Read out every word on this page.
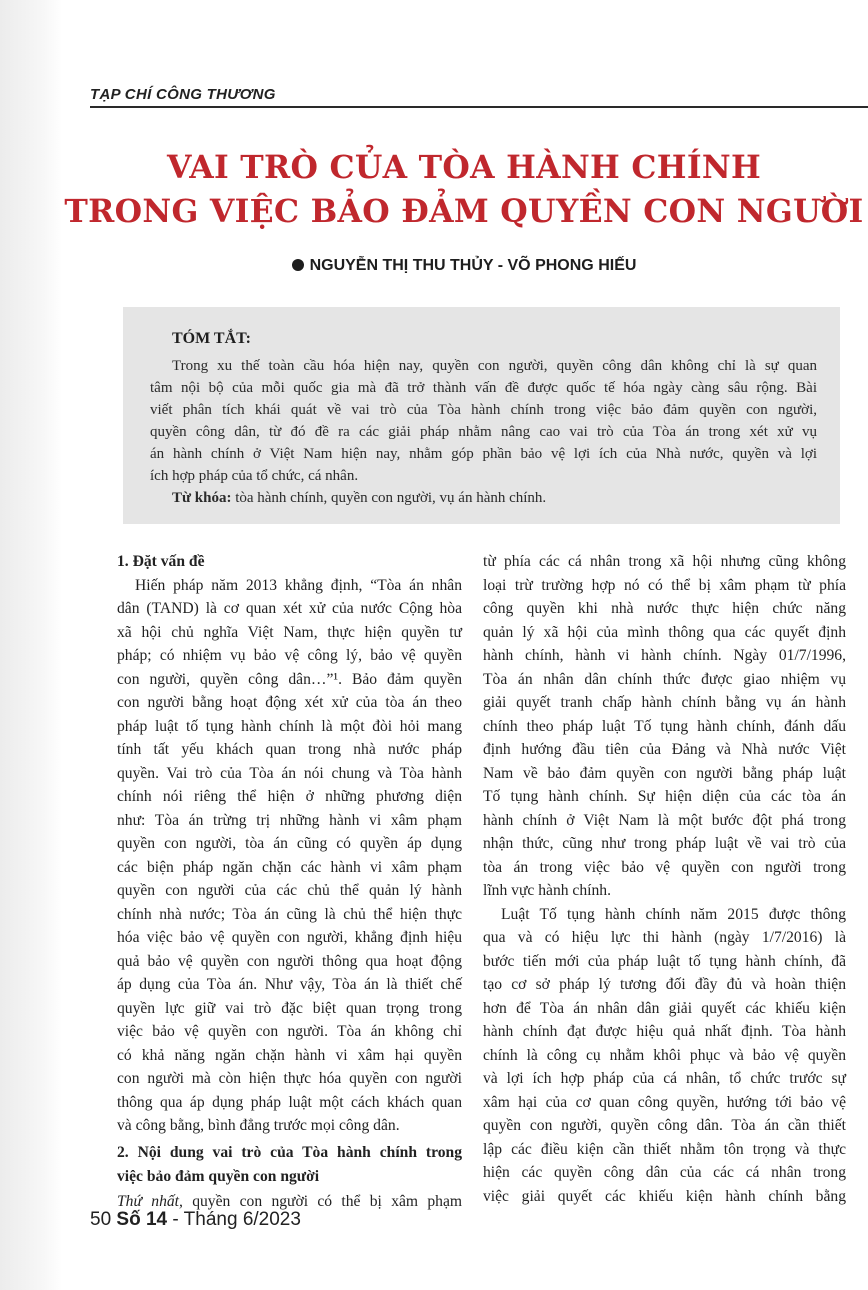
TẠP CHÍ CÔNG THƯƠNG
VAI TRÒ CỦA TÒA HÀNH CHÍNH
TRONG VIỆC BẢO ĐẢM QUYỀN CON NGƯỜI
NGUYỄN THỊ THU THỦY - VÕ PHONG HIẾU
TÓM TẮT:
Trong xu thế toàn cầu hóa hiện nay, quyền con người, quyền công dân không chỉ là sự quan
tâm nội bộ của mỗi quốc gia mà đã trở thành vấn đề được quốc tế hóa ngày càng sâu rộng. Bài
viết phân tích khái quát về vai trò của Tòa hành chính trong việc bảo đảm quyền con người,
quyền công dân, từ đó đề ra các giải pháp nhằm nâng cao vai trò của Tòa án trong xét xử vụ
án hành chính ở Việt Nam hiện nay, nhằm góp phần bảo vệ lợi ích của Nhà nước, quyền và lợi
ích hợp pháp của tổ chức, cá nhân.
Từ khóa: tòa hành chính, quyền con người, vụ án hành chính.
1. Đặt vấn đề
Hiến pháp năm 2013 khẳng định, “Tòa án nhân
dân (TAND) là cơ quan xét xử của nước Cộng hòa
xã hội chủ nghĩa Việt Nam, thực hiện quyền tư
pháp; có nhiệm vụ bảo vệ công lý, bảo vệ quyền
con người, quyền công dân…”¹. Bảo đảm quyền
con người bằng hoạt động xét xử của tòa án theo
pháp luật tố tụng hành chính là một đòi hỏi mang
tính tất yếu khách quan trong nhà nước pháp
quyền. Vai trò của Tòa án nói chung và Tòa hành
chính nói riêng thể hiện ở những phương diện
như: Tòa án trừng trị những hành vi xâm phạm
quyền con người, tòa án cũng có quyền áp dụng
các biện pháp ngăn chặn các hành vi xâm phạm
quyền con người của các chủ thể quản lý hành
chính nhà nước; Tòa án cũng là chủ thể hiện thực
hóa việc bảo vệ quyền con người, khẳng định hiệu
quả bảo vệ quyền con người thông qua hoạt động
áp dụng của Tòa án. Như vậy, Tòa án là thiết chế
quyền lực giữ vai trò đặc biệt quan trọng trong
việc bảo vệ quyền con người. Tòa án không chỉ
có khả năng ngăn chặn hành vi xâm hại quyền
con người mà còn hiện thực hóa quyền con người
thông qua áp dụng pháp luật một cách khách quan
và công bằng, bình đẳng trước mọi công dân.
2. Nội dung vai trò của Tòa hành chính trong
việc bảo đảm quyền con người
Thứ nhất, quyền con người có thể bị xâm phạm
từ phía các cá nhân trong xã hội nhưng cũng không
loại trừ trường hợp nó có thể bị xâm phạm từ phía
công quyền khi nhà nước thực hiện chức năng
quản lý xã hội của mình thông qua các quyết định
hành chính, hành vi hành chính. Ngày 01/7/1996,
Tòa án nhân dân chính thức được giao nhiệm vụ
giải quyết tranh chấp hành chính bằng vụ án hành
chính theo pháp luật Tố tụng hành chính, đánh dấu
định hướng đầu tiên của Đảng và Nhà nước Việt
Nam về bảo đảm quyền con người bằng pháp luật
Tố tụng hành chính. Sự hiện diện của các tòa án
hành chính ở Việt Nam là một bước đột phá trong
nhận thức, cũng như trong pháp luật về vai trò của
tòa án trong việc bảo vệ quyền con người trong
lĩnh vực hành chính.
Luật Tố tụng hành chính năm 2015 được thông
qua và có hiệu lực thi hành (ngày 1/7/2016) là
bước tiến mới của pháp luật tố tụng hành chính, đã
tạo cơ sở pháp lý tương đối đầy đủ và hoàn thiện
hơn để Tòa án nhân dân giải quyết các khiếu kiện
hành chính đạt được hiệu quả nhất định. Tòa hành
chính là công cụ nhằm khôi phục và bảo vệ quyền
và lợi ích hợp pháp của cá nhân, tổ chức trước sự
xâm hại của cơ quan công quyền, hướng tới bảo vệ
quyền con người, quyền công dân. Tòa án cần thiết
lập các điều kiện cần thiết nhằm tôn trọng và thực
hiện các quyền công dân của các cá nhân trong
việc giải quyết các khiếu kiện hành chính bằng
50 Số 14 - Tháng 6/2023
